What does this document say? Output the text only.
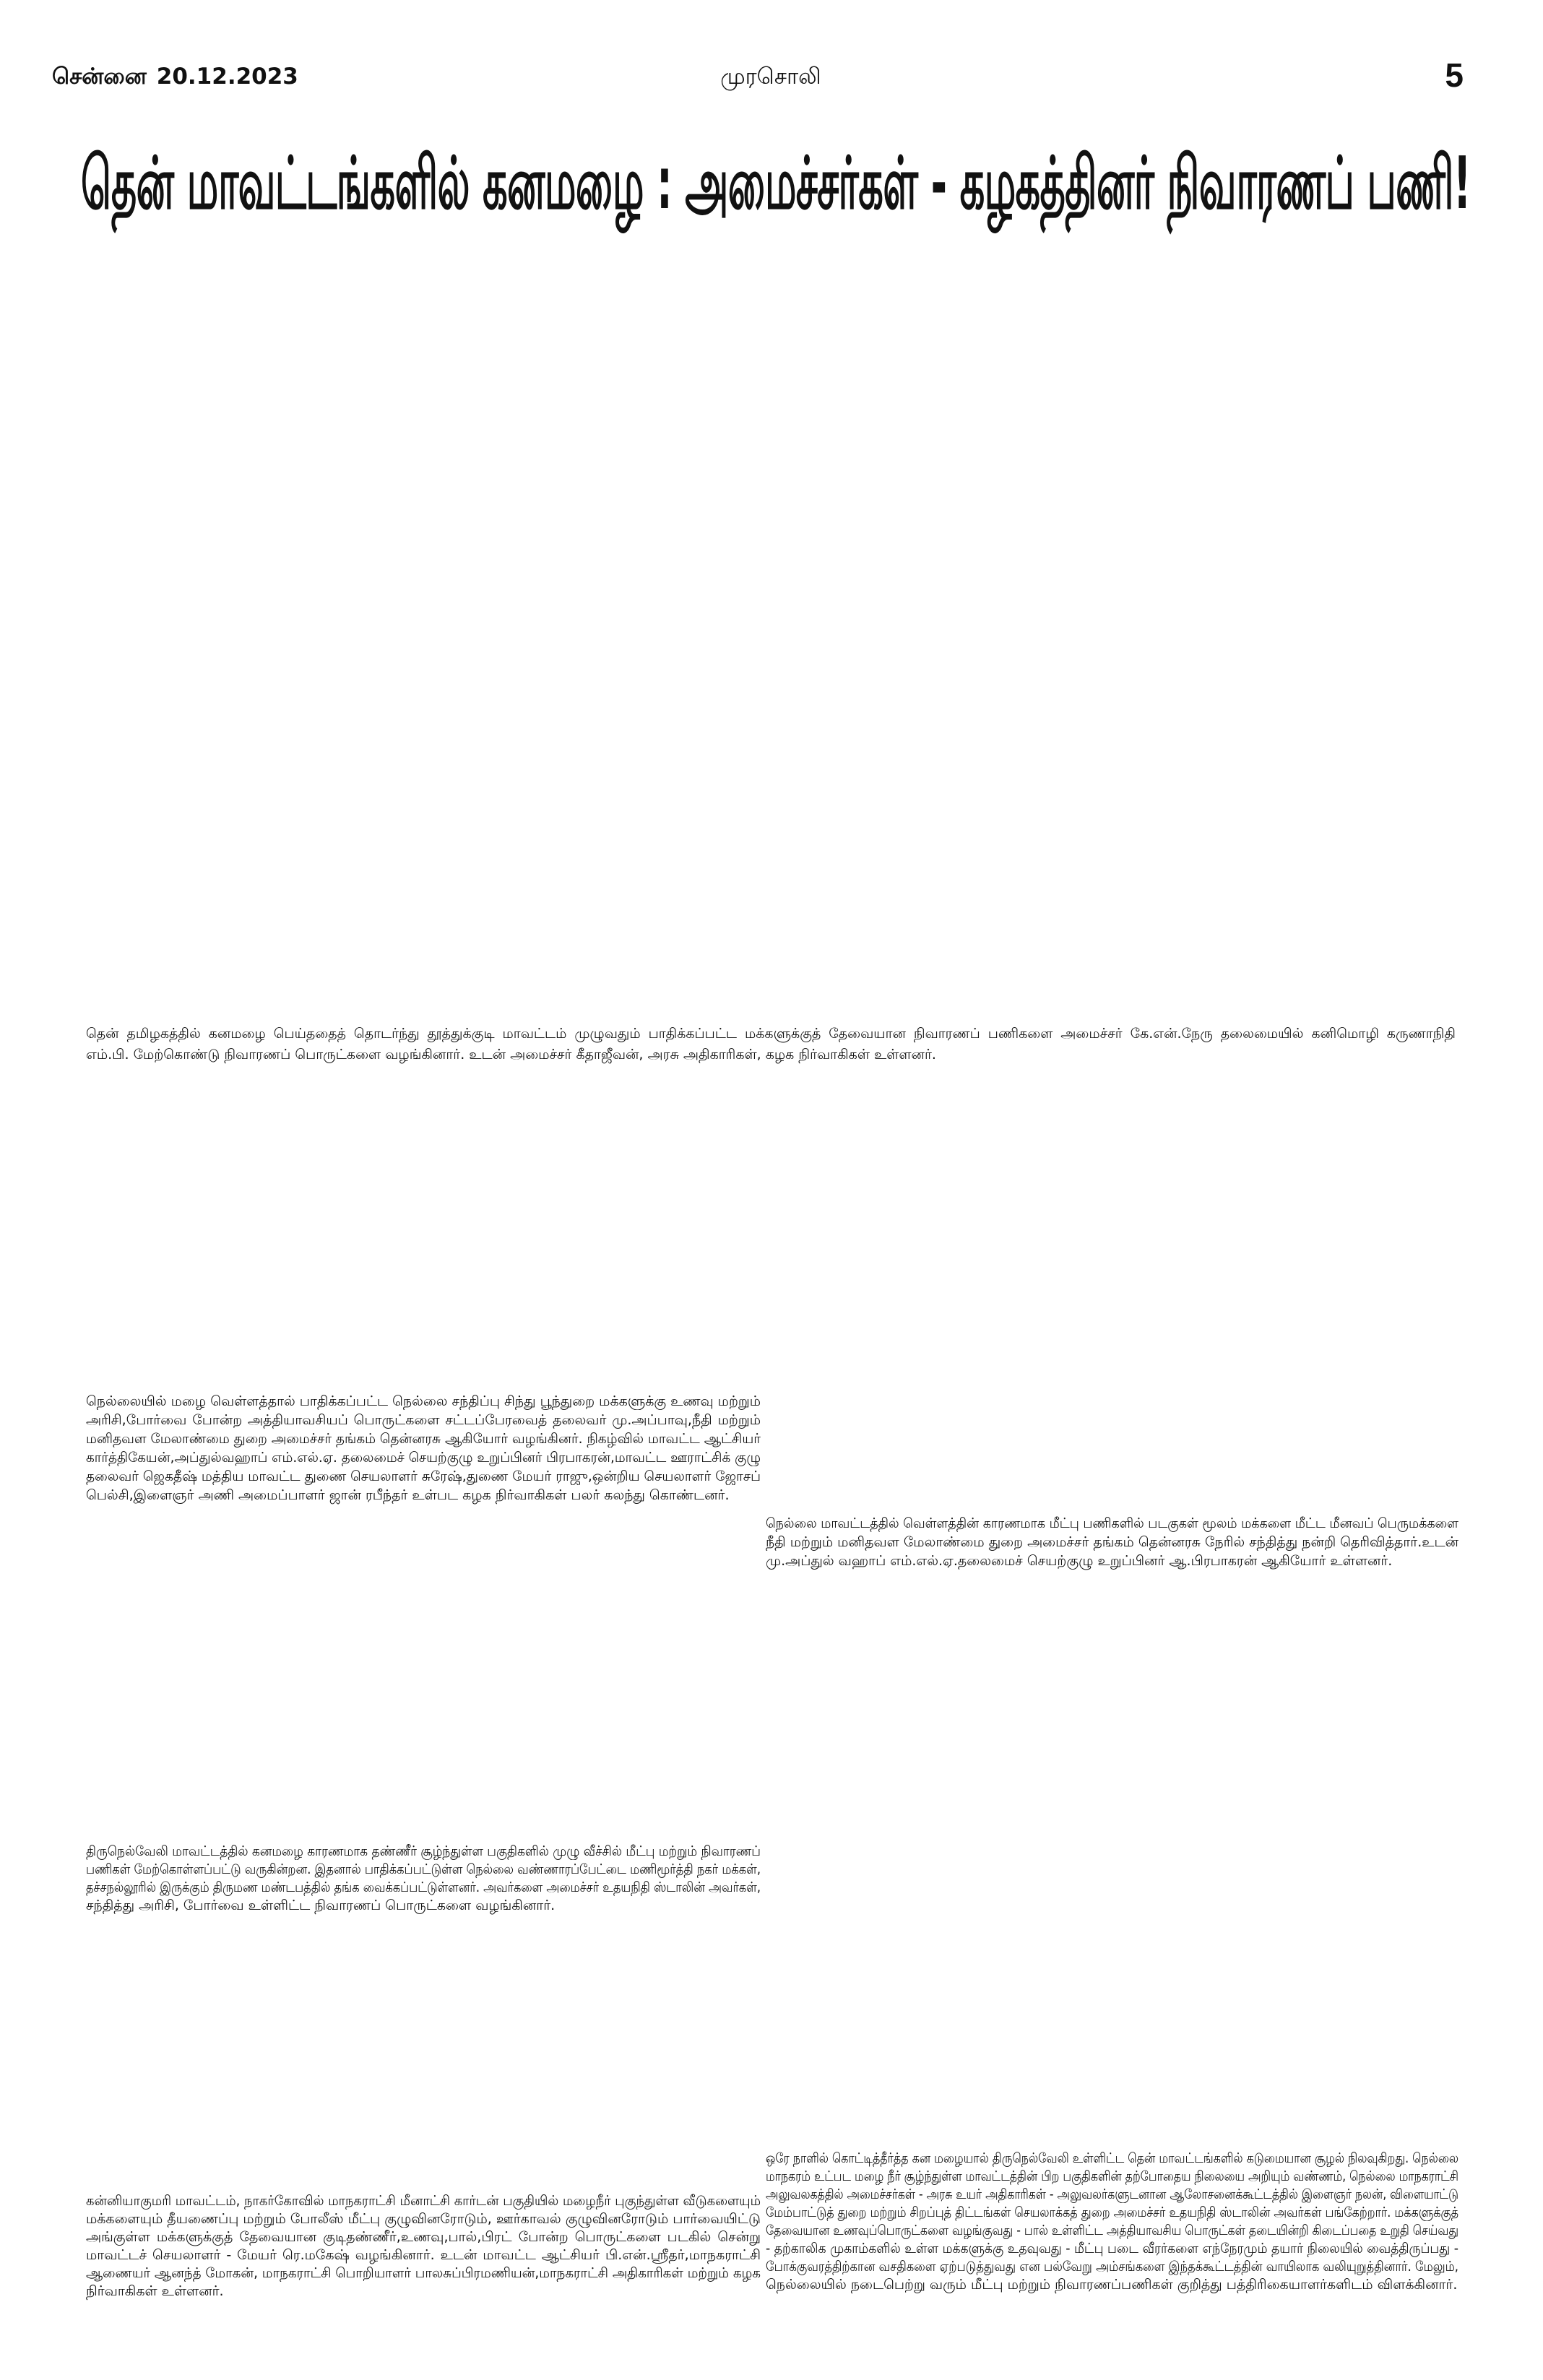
சென்னை 20.12.2023	முரசொலி	5
தென் மாவட்டங்களில் கனமழை : அமைச்சர்கள் - கழகத்தினர் நிவாரணப் பணி!
தென் தமிழகத்தில் கனமழை பெய்ததைத் தொடர்ந்து தூத்துக்குடி மாவட்டம் முழுவதும் பாதிக்கப்பட்ட மக்களுக்குத் தேவையான நிவாரணப் பணிகளை அமைச்சர் கே.என்.நேரு தலைமையில் கனிமொழி கருணாநிதி
எம்.பி. மேற்கொண்டு நிவாரணப் பொருட்களை வழங்கினார். உடன் அமைச்சர் கீதாஜீவன், அரசு அதிகாரிகள், கழக நிர்வாகிகள் உள்ளனர்.
நெல்லையில் மழை வெள்ளத்தால் பாதிக்கப்பட்ட நெல்லை சந்திப்பு சிந்து பூந்துறை மக்களுக்கு உணவு மற்றும்
அரிசி,போர்வை போன்ற அத்தியாவசியப் பொருட்களை சட்டப்பேரவைத் தலைவர் மு.அப்பாவு,நீதி மற்றும்
மனிதவள மேலாண்மை துறை அமைச்சர் தங்கம் தென்னரசு ஆகியோர் வழங்கினர். நிகழ்வில் மாவட்ட ஆட்சியர்
கார்த்திகேயன்,அப்துல்வஹாப் எம்.எல்.ஏ. தலைமைச் செயற்குழு உறுப்பினர் பிரபாகரன்,மாவட்ட ஊராட்சிக் குழு
தலைவர் ஜெகதீஷ் மத்திய மாவட்ட துணை செயலாளர் சுரேஷ்,துணை மேயர் ராஜு,ஒன்றிய செயலாளர் ஜோசப்
பெல்சி,இளைஞர் அணி அமைப்பாளர் ஜான் ரபீந்தர் உள்பட கழக நிர்வாகிகள் பலர் கலந்து கொண்டனர்.
நெல்லை மாவட்டத்தில் வெள்ளத்தின் காரணமாக மீட்பு பணிகளில் படகுகள் மூலம் மக்களை மீட்ட மீனவப் பெருமக்களை
நீதி மற்றும் மனிதவள மேலாண்மை துறை அமைச்சர் தங்கம் தென்னரசு நேரில் சந்தித்து நன்றி தெரிவித்தார்.உடன்
மு.அப்துல் வஹாப் எம்.எல்.ஏ.தலைமைச் செயற்குழு உறுப்பினர் ஆ.பிரபாகரன் ஆகியோர் உள்ளனர்.
திருநெல்வேலி மாவட்டத்தில் கனமழை காரணமாக தண்ணீர் சூழ்ந்துள்ள பகுதிகளில் முழு வீச்சில் மீட்பு மற்றும் நிவாரணப்
பணிகள் மேற்கொள்ளப்பட்டு வருகின்றன. இதனால் பாதிக்கப்பட்டுள்ள நெல்லை வண்ணாரப்பேட்டை மணிமூர்த்தி நகர் மக்கள்,
தச்சநல்லூரில் இருக்கும் திருமண மண்டபத்தில் தங்க வைக்கப்பட்டுள்ளனர். அவர்களை அமைச்சர் உதயநிதி ஸ்டாலின் அவர்கள்,
சந்தித்து அரிசி, போர்வை உள்ளிட்ட நிவாரணப் பொருட்களை வழங்கினார்.
ஒரே நாளில் கொட்டித்தீர்த்த கன மழையால் திருநெல்வேலி உள்ளிட்ட தென் மாவட்டங்களில் கடுமையான சூழல் நிலவுகிறது. நெல்லை
மாநகரம் உட்பட மழை நீர் சூழ்ந்துள்ள மாவட்டத்தின் பிற பகுதிகளின் தற்போதைய நிலையை அறியும் வண்ணம், நெல்லை மாநகராட்சி
அலுவலகத்தில் அமைச்சர்கள் - அரசு உயர் அதிகாரிகள் - அலுவலர்களுடனான ஆலோசனைக்கூட்டத்தில் இளைஞர் நலன், விளையாட்டு
மேம்பாட்டுத் துறை மற்றும் சிறப்புத் திட்டங்கள் செயலாக்கத் துறை அமைச்சர் உதயநிதி ஸ்டாலின் அவர்கள் பங்கேற்றார். மக்களுக்குத்
தேவையான உணவுப்பொருட்களை வழங்குவது - பால் உள்ளிட்ட அத்தியாவசிய பொருட்கள் தடையின்றி கிடைப்பதை உறுதி செய்வது
- தற்காலிக முகாம்களில் உள்ள மக்களுக்கு உதவுவது - மீட்பு படை வீரர்களை எந்நேரமும் தயார் நிலையில் வைத்திருப்பது -
போக்குவரத்திற்கான வசதிகளை ஏற்படுத்துவது என பல்வேறு அம்சங்களை இந்தக்கூட்டத்தின் வாயிலாக வலியுறுத்தினார். மேலும்,
நெல்லையில் நடைபெற்று வரும் மீட்பு மற்றும் நிவாரணப்பணிகள் குறித்து பத்திரிகையாளர்களிடம் விளக்கினார்.
கன்னியாகுமரி மாவட்டம், நாகர்கோவில் மாநகராட்சி மீனாட்சி கார்டன் பகுதியில் மழைநீர் புகுந்துள்ள வீடுகளையும்
மக்களையும் தீயணைப்பு மற்றும் போலீஸ் மீட்பு குழுவினரோடும், ஊர்காவல் குழுவினரோடும் பார்வையிட்டு
அங்குள்ள மக்களுக்குத் தேவையான குடிதண்ணீர்,உணவு,பால்,பிரட் போன்ற பொருட்களை படகில் சென்று
மாவட்டச் செயலாளர் - மேயர் ரெ.மகேஷ் வழங்கினார். உடன் மாவட்ட ஆட்சியர் பி.என்.ஸ்ரீதர்,மாநகராட்சி
ஆணையர் ஆனந்த் மோகன், மாநகராட்சி பொறியாளர் பாலசுப்பிரமணியன்,மாநகராட்சி அதிகாரிகள் மற்றும் கழக
நிர்வாகிகள் உள்ளனர்.
